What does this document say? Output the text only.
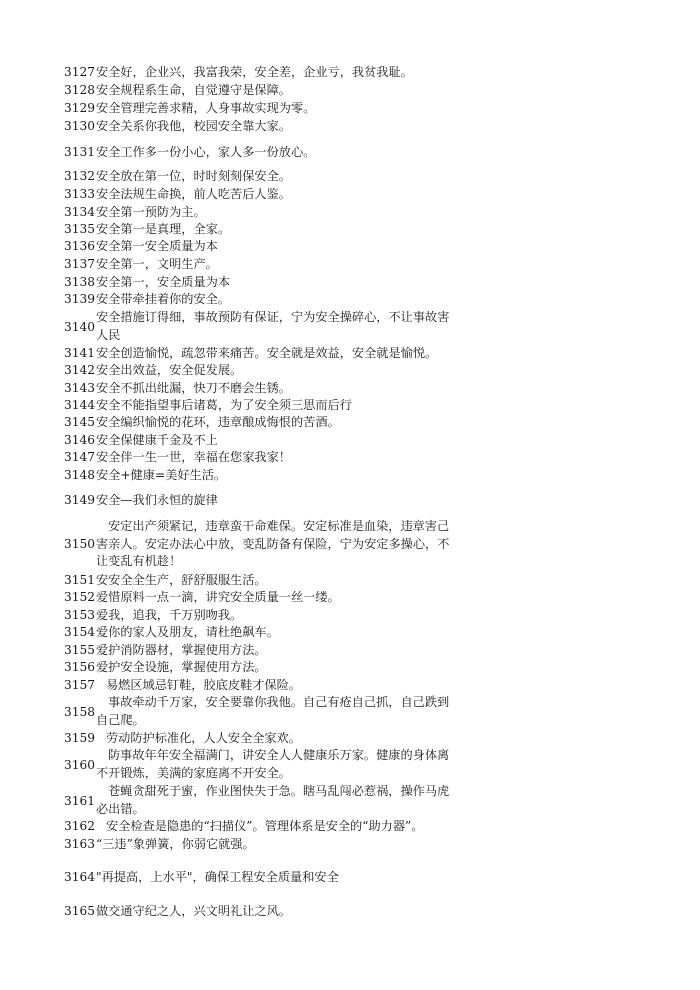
3127 安全好，企业兴，我富我荣，安全差，企业亏，我贫我耻。
3128 安全规程系生命，自觉遵守是保障。
3129 安全管理完善求精，人身事故实现为零。
3130 安全关系你我他，校园安全靠大家。
3131 安全工作多一份小心，家人多一份放心。
3132 安全放在第一位，时时刻刻保安全。
3133 安全法规生命换，前人吃苦后人鉴。
3134 安全第一预防为主。
3135 安全第一是真理，全家。
3136 安全第一安全质量为本
3137 安全第一，文明生产。
3138 安全第一，安全质量为本
3139 安全带牵挂着你的安全。
3140
安全措施订得细，事故预防有保证，宁为安全操碎心，不让事故害人民
3141 安全创造愉悦，疏忽带来痛苦。安全就是效益，安全就是愉悦。
3142 安全出效益，安全促发展。
3143 安全不抓出纰漏，快刀不磨会生锈。
3144 安全不能指望事后诸葛，为了安全须三思而后行
3145 安全编织愉悦的花环，违章酿成悔恨的苦酒。
3146 安全保健康千金及不上
3147 安全伴一生一世，幸福在您家我家！
3148 安全+健康=美好生活。
3149 安全—我们永恒的旋律
3150
安定出产须紧记，违章蛮干命难保。安定标准是血染，违章害己害亲人。安定办法心中放，变乱防备有保险，宁为安定多操心，不让变乱有机趁！
3151 安安全全生产，舒舒服服生活。
3152 爱惜原料一点一滴，讲究安全质量一丝一缕。
3153 爱我，追我，千万别吻我。
3154 爱你的家人及朋友，请杜绝飙车。
3155 爱护消防器材，掌握使用方法。
3156 爱护安全设施，掌握使用方法。
3157 易燃区域忌钉鞋，胶底皮鞋才保险。
3158
事故牵动千万家，安全要靠你我他。自己有疮自己抓，自己跌到自己爬。
3159 劳动防护标准化，人人安全全家欢。
3160
防事故年年安全福满门，讲安全人人健康乐万家。健康的身体离不开锻炼，美满的家庭离不开安全。
3161
苍蝇贪甜死于蜜，作业图快失于急。瞎马乱闯必惹祸，操作马虎必出错。
3162 安全检查是隐患的“扫描仪”。管理体系是安全的“助力器”。
3163 “三违”象弹簧，你弱它就强。
3164 "再提高，上水平"，确保工程安全质量和安全
3165 做交通守纪之人，兴文明礼让之风。
